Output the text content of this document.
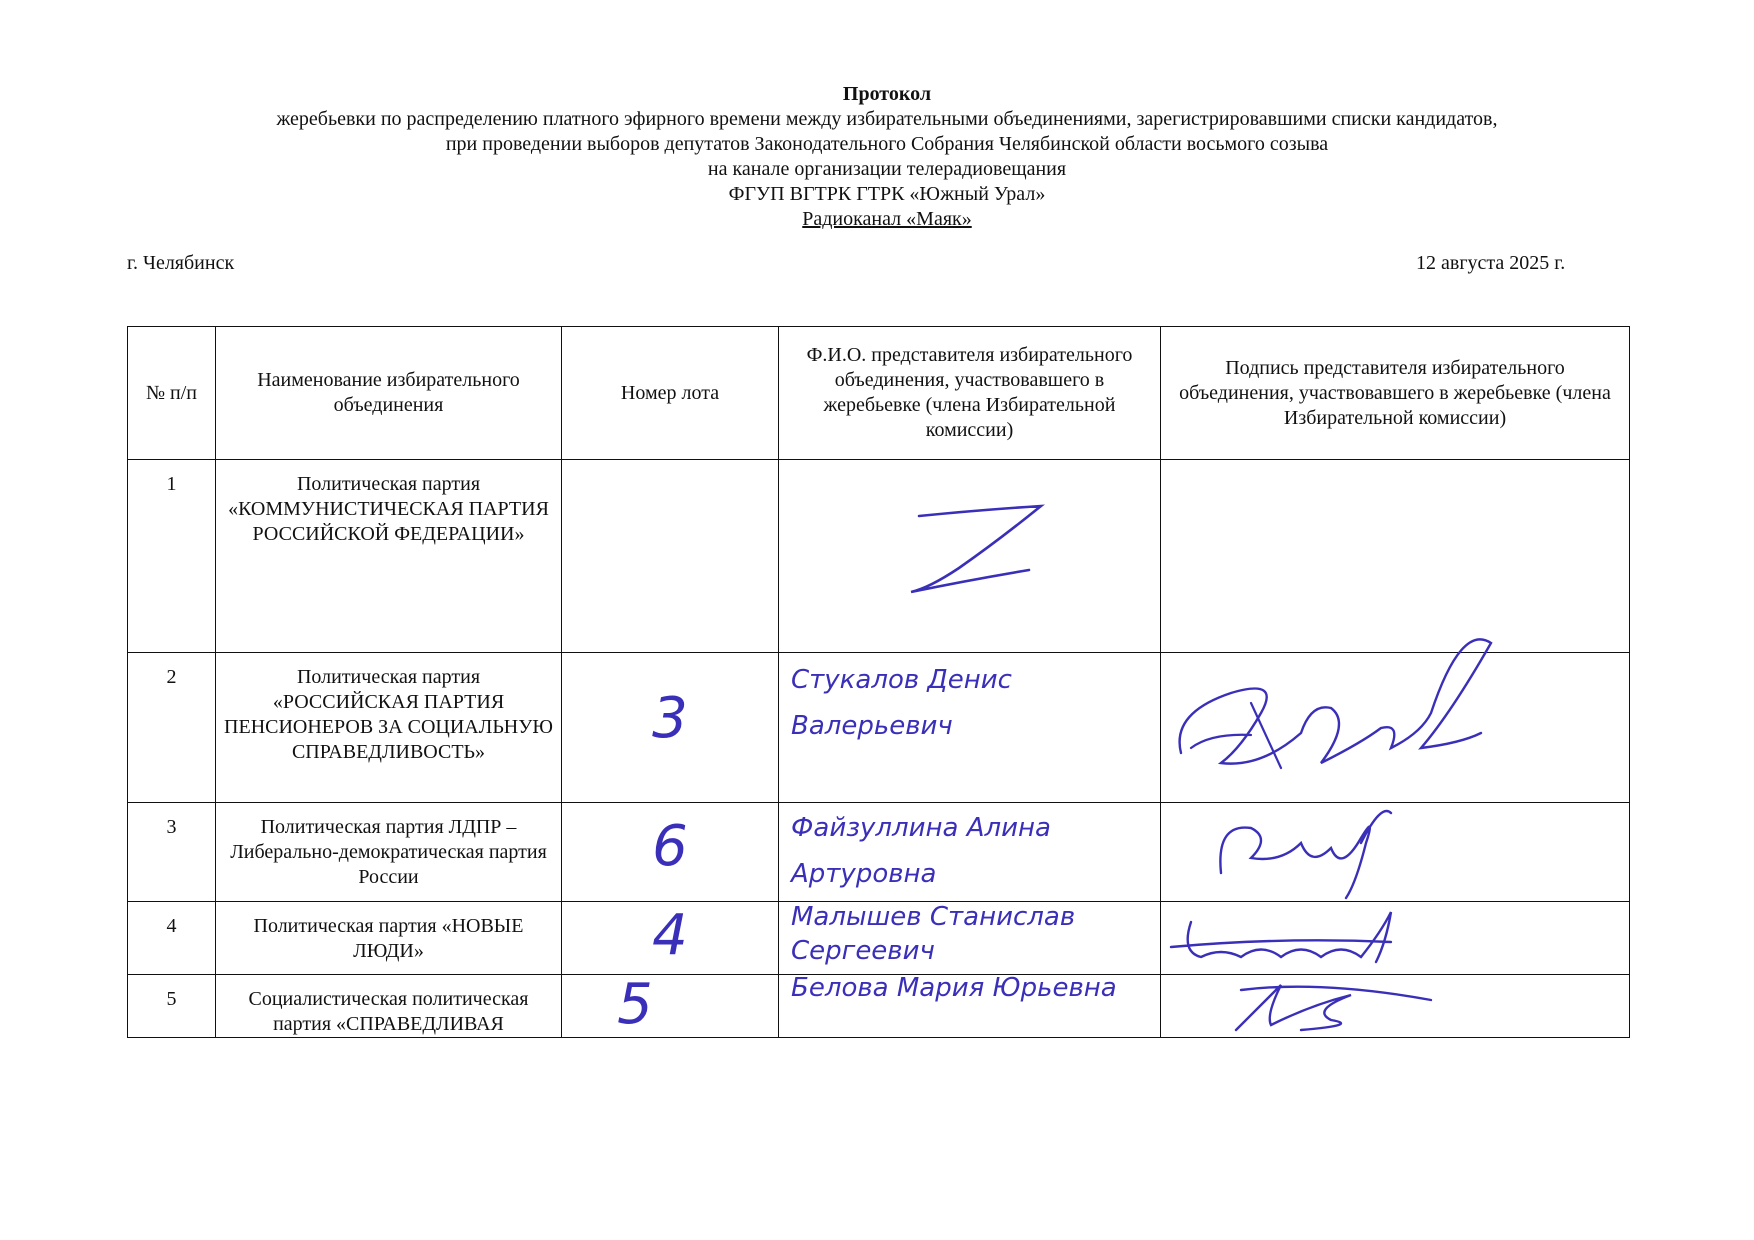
Протокол
жеребьевки по распределению платного эфирного времени между избирательными объединениями, зарегистрировавшими списки кандидатов,
при проведении выборов депутатов Законодательного Собрания Челябинской области восьмого созыва
на канале организации телерадиовещания
ФГУП ВГТРК ГТРК «Южный Урал»
Радиоканал «Маяк»
г. Челябинск	12 августа 2025 г.
№ п/п	Наименование избирательного объединения	Номер лота	Ф.И.О. представителя избирательного объединения, участвовавшего в жеребьевке (члена Избирательной комиссии)	Подпись представителя избирательного объединения, участвовавшего в жеребьевке (члена Избирательной комиссии)
1	Политическая партия «КОММУНИСТИЧЕСКАЯ ПАРТИЯ РОССИЙСКОЙ ФЕДЕРАЦИИ»		

2	Политическая партия «РОССИЙСКАЯ ПАРТИЯ ПЕНСИОНЕРОВ ЗА СОЦИАЛЬНУЮ СПРАВЕДЛИВОСТЬ»	3	Стукалов Денис Валерьевич

3	Политическая партия ЛДПР – Либерально-демократическая партия России	6	Файзуллина Алина Артуровна

4	Политическая партия «НОВЫЕ ЛЮДИ»	4	Малышев Станислав Сергеевич

5	Социалистическая политическая партия «СПРАВЕДЛИВАЯ	5	Белова Мария Юрьевна
